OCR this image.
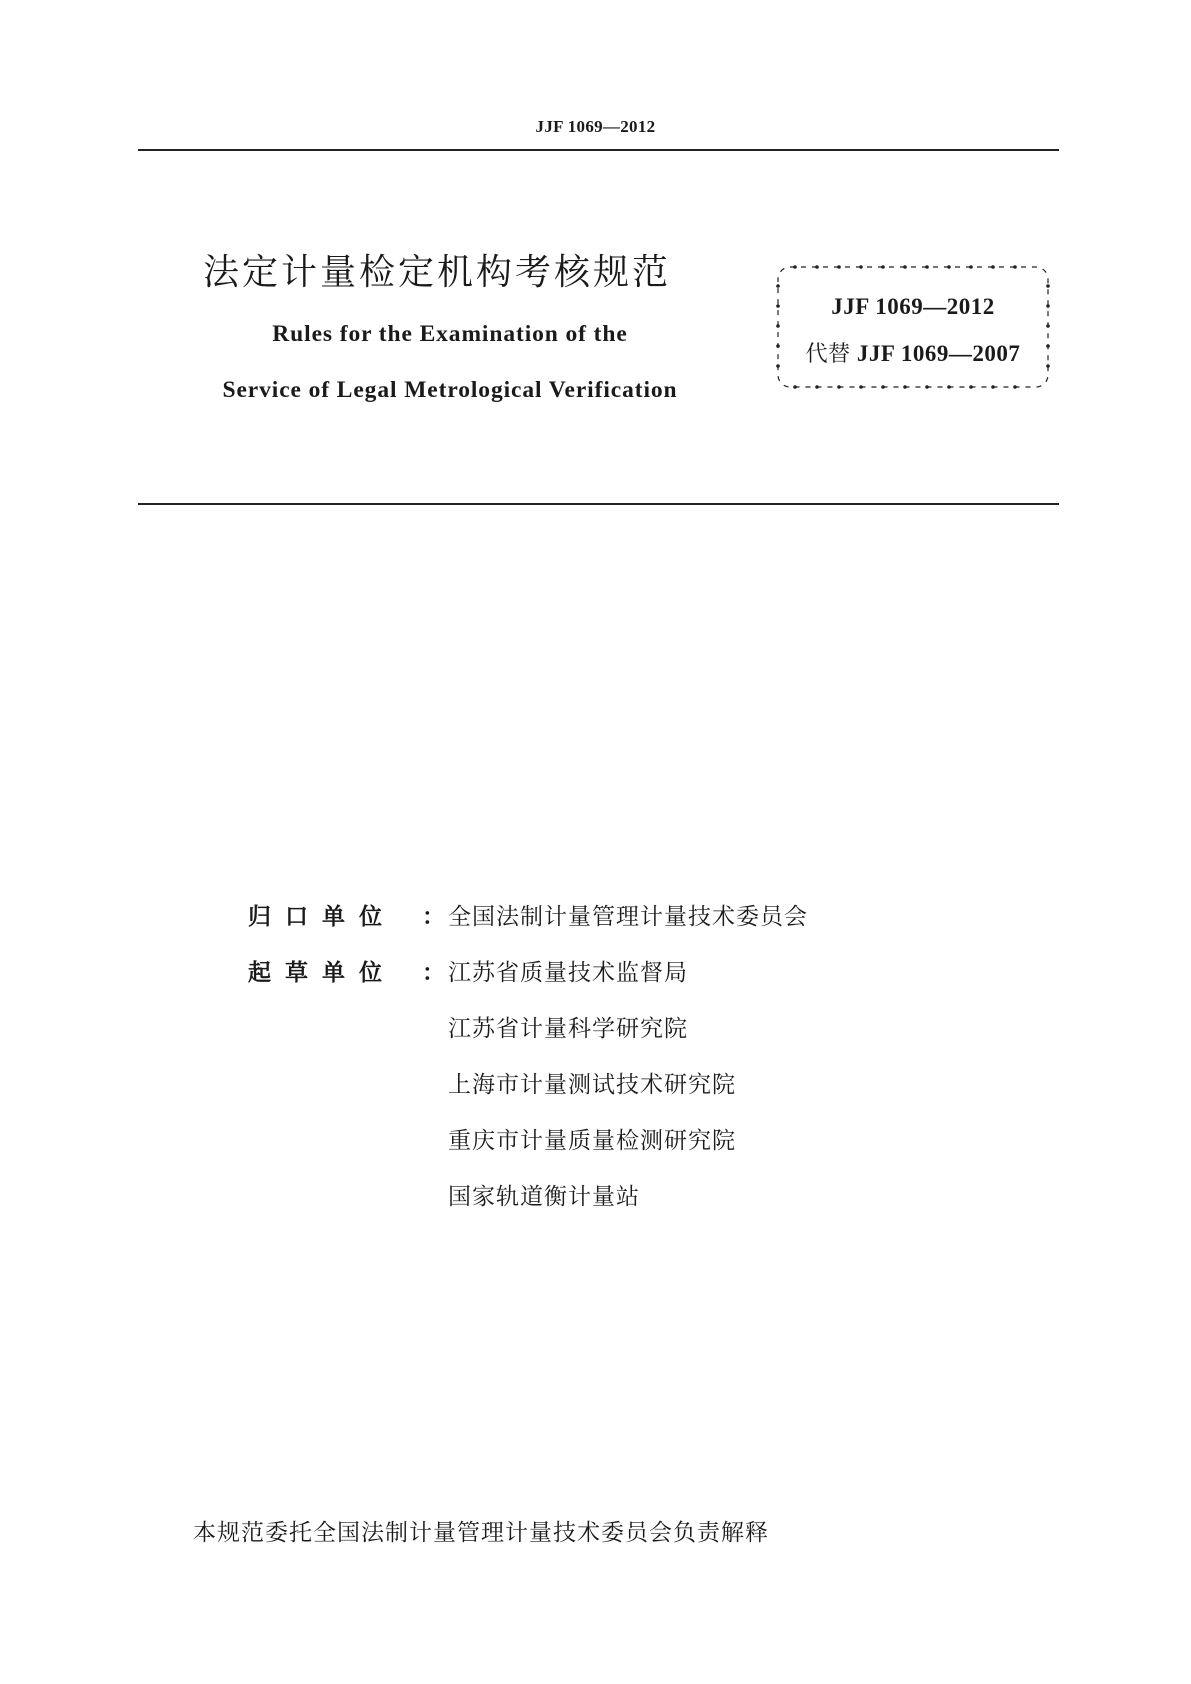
JJF 1069—2012
法定计量检定机构考核规范
Rules for the Examination of the
Service of Legal Metrological Verification
JJF 1069—2012
代替 JJF 1069—2007
归口单位	： 全国法制计量管理计量技术委员会
起草单位	： 江苏省质量技术监督局
江苏省计量科学研究院
上海市计量测试技术研究院
重庆市计量质量检测研究院
国家轨道衡计量站
本规范委托全国法制计量管理计量技术委员会负责解释
